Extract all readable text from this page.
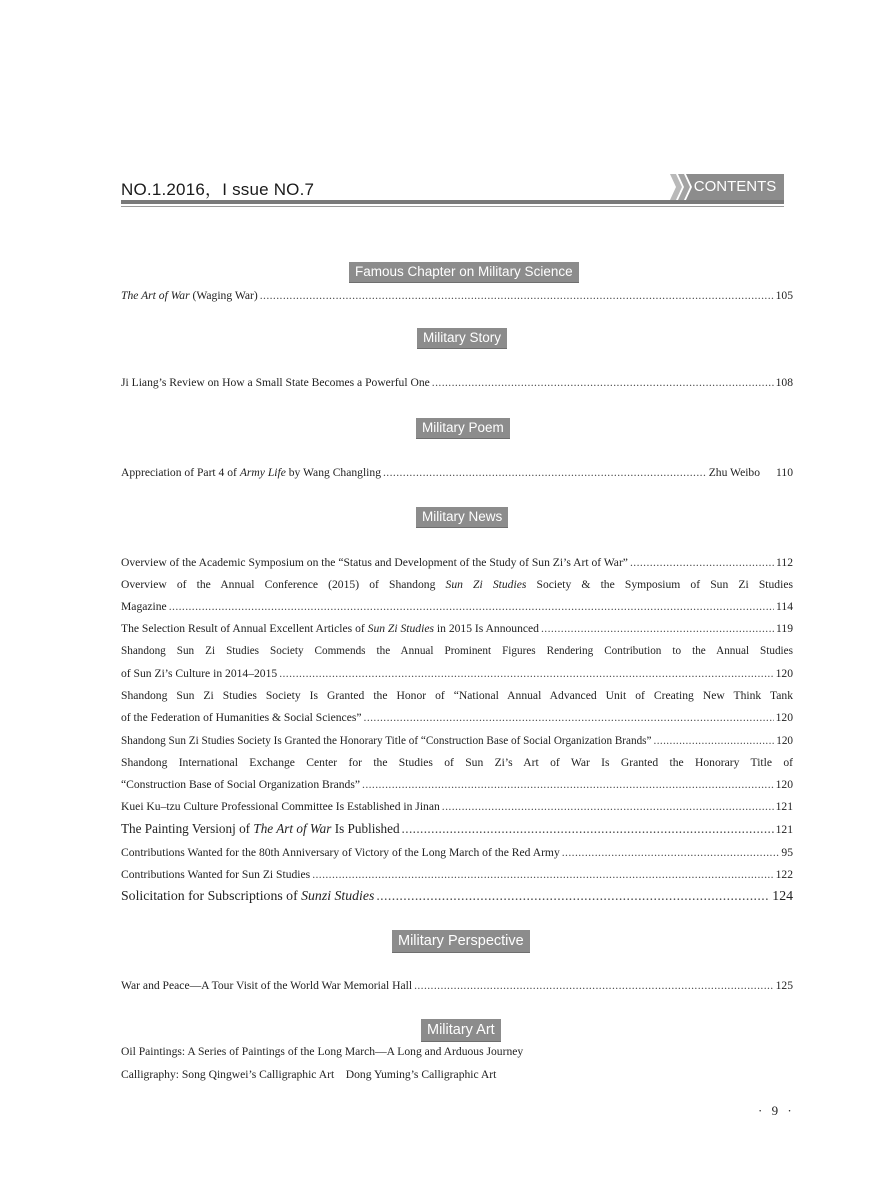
NO.1.2016，I ssue NO.7	CONTENTS
Famous Chapter on Military Science
The Art of War (Waging War) .....	105
Military Story
Ji Liang’s Review on How a Small State Becomes a Powerful One .....	108
Military Poem
Appreciation of Part 4 of Army Life by Wang Changling .....	Zhu Weibo 110
Military News
Overview of the Academic Symposium on the “Status and Development of the Study of Sun Zi’s Art of War” .....	112
Overview of the Annual Conference (2015) of Shandong Sun Zi Studies Society & the Symposium of Sun Zi Studies
Magazine .....	114
The Selection Result of Annual Excellent Articles of Sun Zi Studies in 2015 Is Announced .....	119
Shandong Sun Zi Studies Society Commends the Annual Prominent Figures Rendering Contribution to the Annual Studies
of Sun Zi’s Culture in 2014–2015 .....	120
Shandong Sun Zi Studies Society Is Granted the Honor of “National Annual Advanced Unit of Creating New Think Tank
of the Federation of Humanities & Social Sciences” .....	120
Shandong Sun Zi Studies Society Is Granted the Honorary Title of “Construction Base of Social Organization Brands” .....	120
Shandong International Exchange Center for the Studies of Sun Zi’s Art of War Is Granted the Honorary Title of
“Construction Base of Social Organization Brands” .....	120
Kuei Ku–tzu Culture Professional Committee Is Established in Jinan .....	121
The Painting Versionj of The Art of War Is Published .....	121
Contributions Wanted for the 80th Anniversary of Victory of the Long March of the Red Army .....	95
Contributions Wanted for Sun Zi Studies .....	122
Solicitation for Subscriptions of Sunzi Studies .....	124
Military Perspective
War and Peace—A Tour Visit of the World War Memorial Hall .....	125
Military Art
Oil Paintings: A Series of Paintings of the Long March—A Long and Arduous Journey
Calligraphy: Song Qingwei’s Calligraphic Art    Dong Yuming’s Calligraphic Art
· 9 ·
